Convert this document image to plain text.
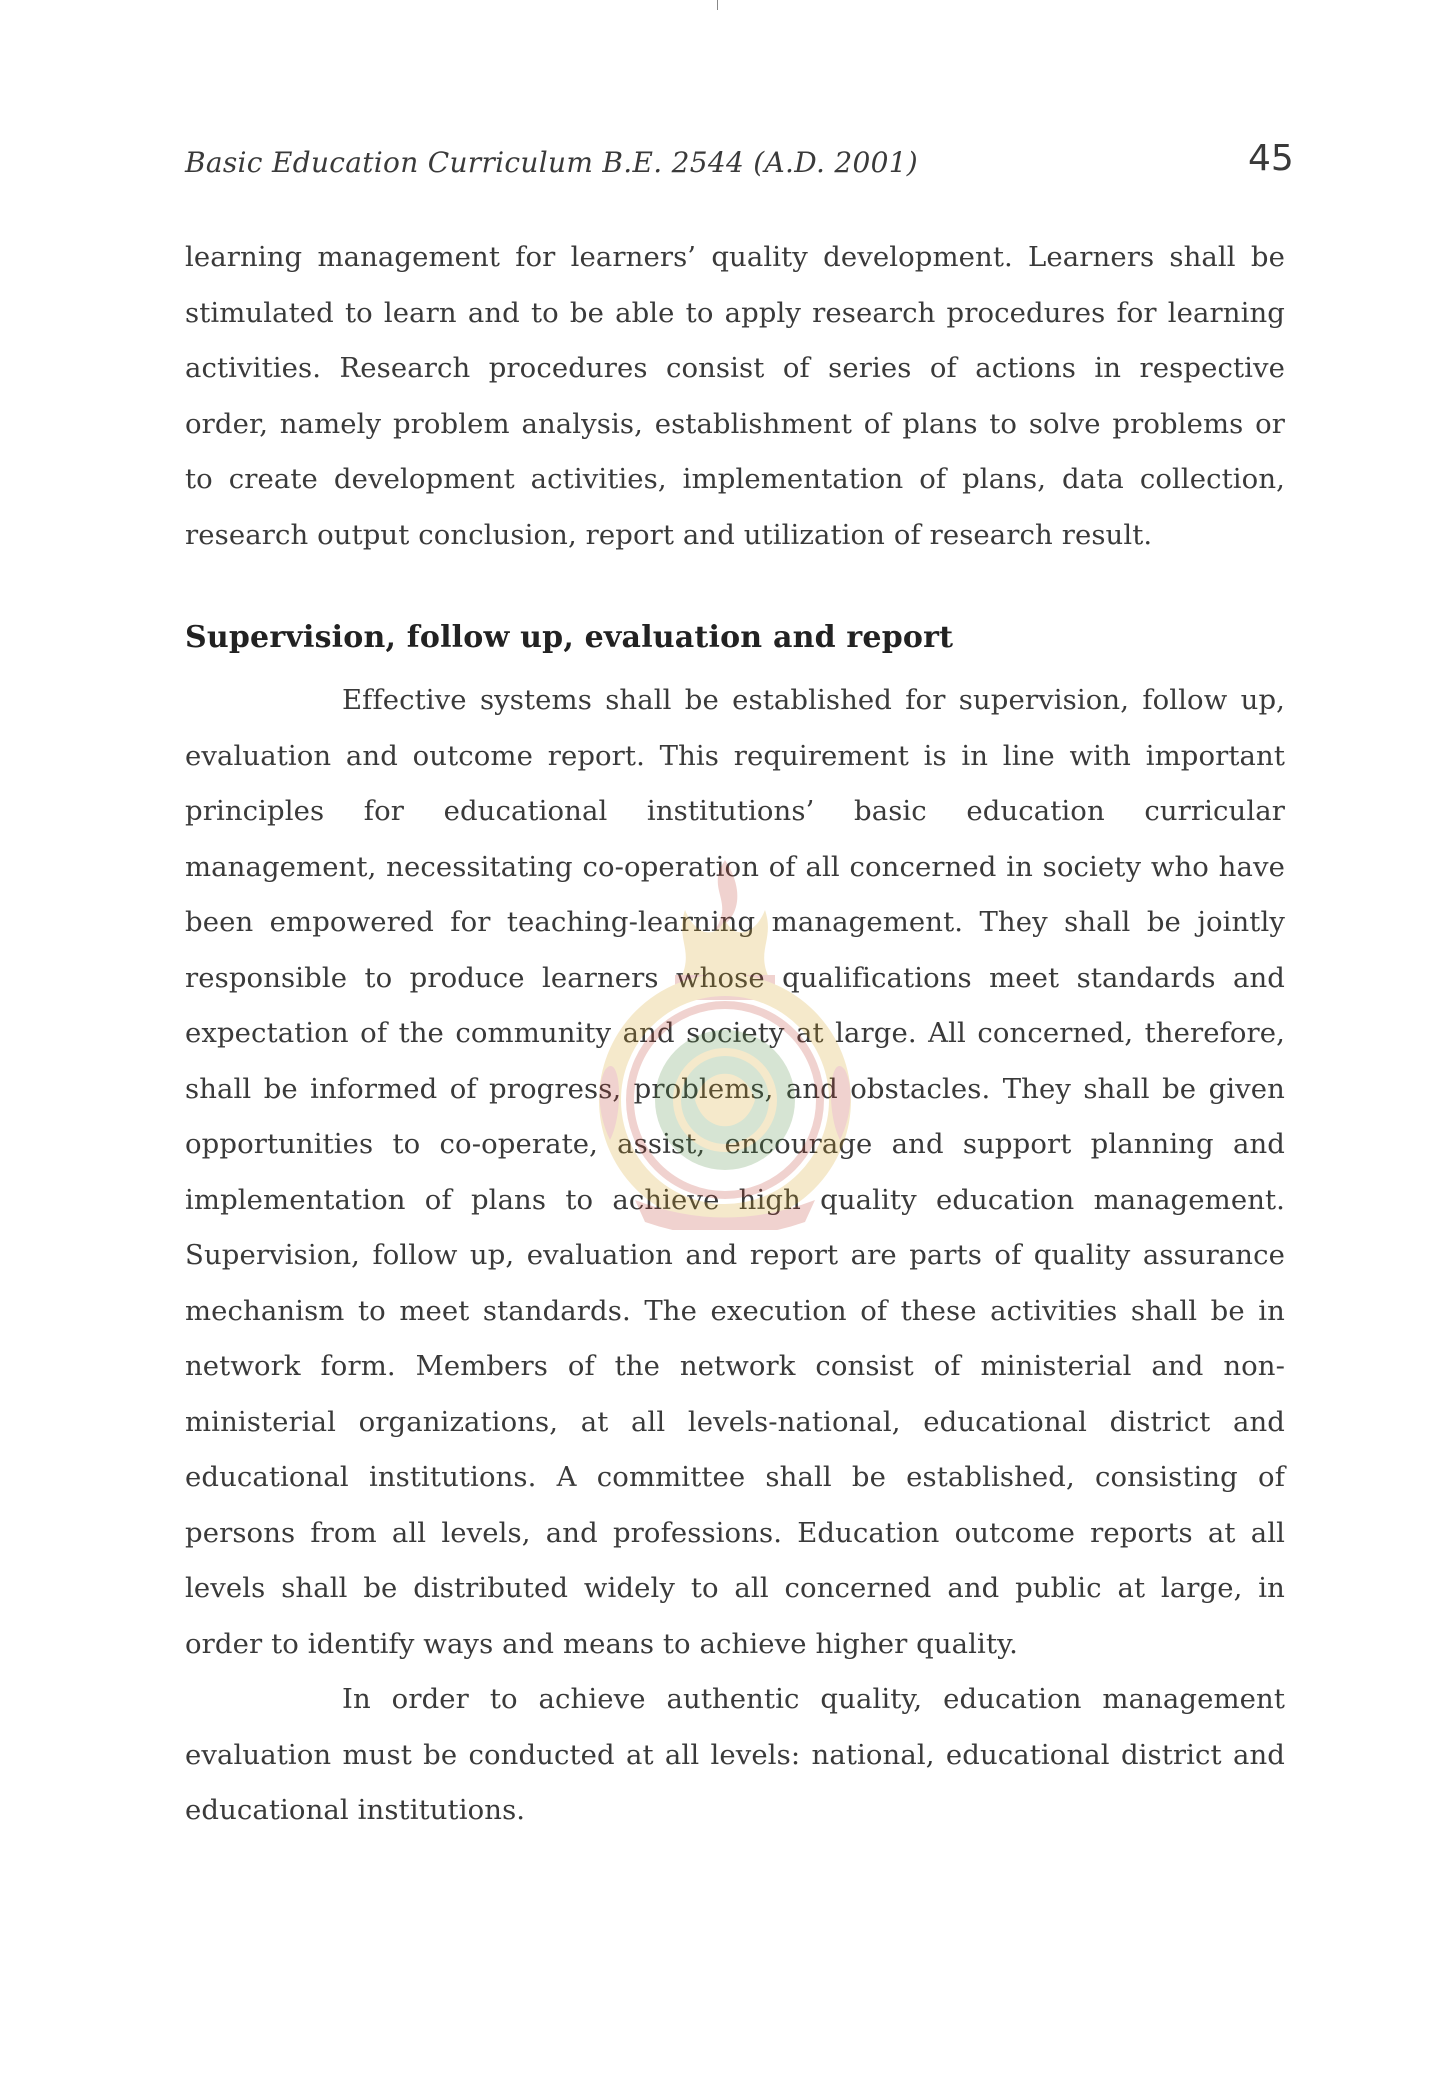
Basic Education Curriculum B.E. 2544 (A.D. 2001)	45

learning management for learners’ quality development. Learners shall be stimulated to learn and to be able to apply research procedures for learning activities. Research procedures consist of series of actions in respective order, namely problem analysis, establishment of plans to solve problems or to create development activities, implementation of plans, data collection, research output conclusion, report and utilization of research result.

Supervision, follow up, evaluation and report

Effective systems shall be established for supervision, follow up, evaluation and outcome report. This requirement is in line with important principles for educational institutions’ basic education curricular management, necessitating co-operation of all concerned in society who have been empowered for teaching-learning management. They shall be jointly responsible to produce learners whose qualifications meet standards and expectation of the community and society at large. All concerned, therefore, shall be informed of progress, problems, and obstacles. They shall be given opportunities to co-operate, assist, encourage and support planning and implementation of plans to achieve high quality education management. Supervision, follow up, evaluation and report are parts of quality assurance mechanism to meet standards. The execution of these activities shall be in network form. Members of the network consist of ministerial and non-ministerial organizations, at all levels-national, educational district and educational institutions. A committee shall be established, consisting of persons from all levels, and professions. Education outcome reports at all levels shall be distributed widely to all concerned and public at large, in order to identify ways and means to achieve higher quality.

In order to achieve authentic quality, education management evaluation must be conducted at all levels: national, educational district and educational institutions.
